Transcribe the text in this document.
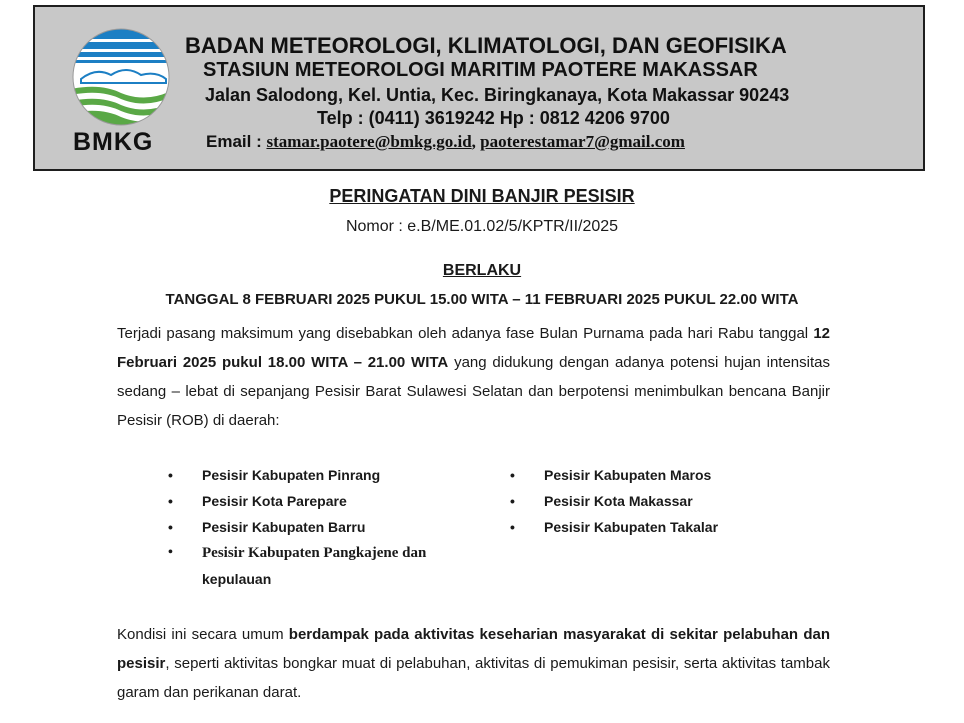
BMKG
BADAN METEOROLOGI, KLIMATOLOGI, DAN GEOFISIKA
STASIUN METEOROLOGI MARITIM PAOTERE MAKASSAR
Jalan Salodong, Kel. Untia, Kec. Biringkanaya, Kota Makassar 90243
Telp : (0411) 3619242 Hp : 0812 4206 9700
Email : stamar.paotere@bmkg.go.id, paoterestamar7@gmail.com
PERINGATAN DINI BANJIR PESISIR
Nomor : e.B/ME.01.02/5/KPTR/II/2025
BERLAKU
TANGGAL 8 FEBRUARI 2025 PUKUL 15.00 WITA – 11 FEBRUARI 2025 PUKUL 22.00 WITA
Terjadi pasang maksimum yang disebabkan oleh adanya fase Bulan Purnama pada hari Rabu tanggal 12 Februari 2025 pukul 18.00 WITA – 21.00 WITA yang didukung dengan adanya potensi hujan intensitas sedang – lebat di sepanjang Pesisir Barat Sulawesi Selatan dan berpotensi menimbulkan bencana Banjir Pesisir (ROB) di daerah:
• Pesisir Kabupaten Pinrang
• Pesisir Kota Parepare
• Pesisir Kabupaten Barru
• Pesisir Kabupaten Pangkajene dan
kepulauan
• Pesisir Kabupaten Maros
• Pesisir Kota Makassar
• Pesisir Kabupaten Takalar
Kondisi ini secara umum berdampak pada aktivitas keseharian masyarakat di sekitar pelabuhan dan pesisir, seperti aktivitas bongkar muat di pelabuhan, aktivitas di pemukiman pesisir, serta aktivitas tambak garam dan perikanan darat.
